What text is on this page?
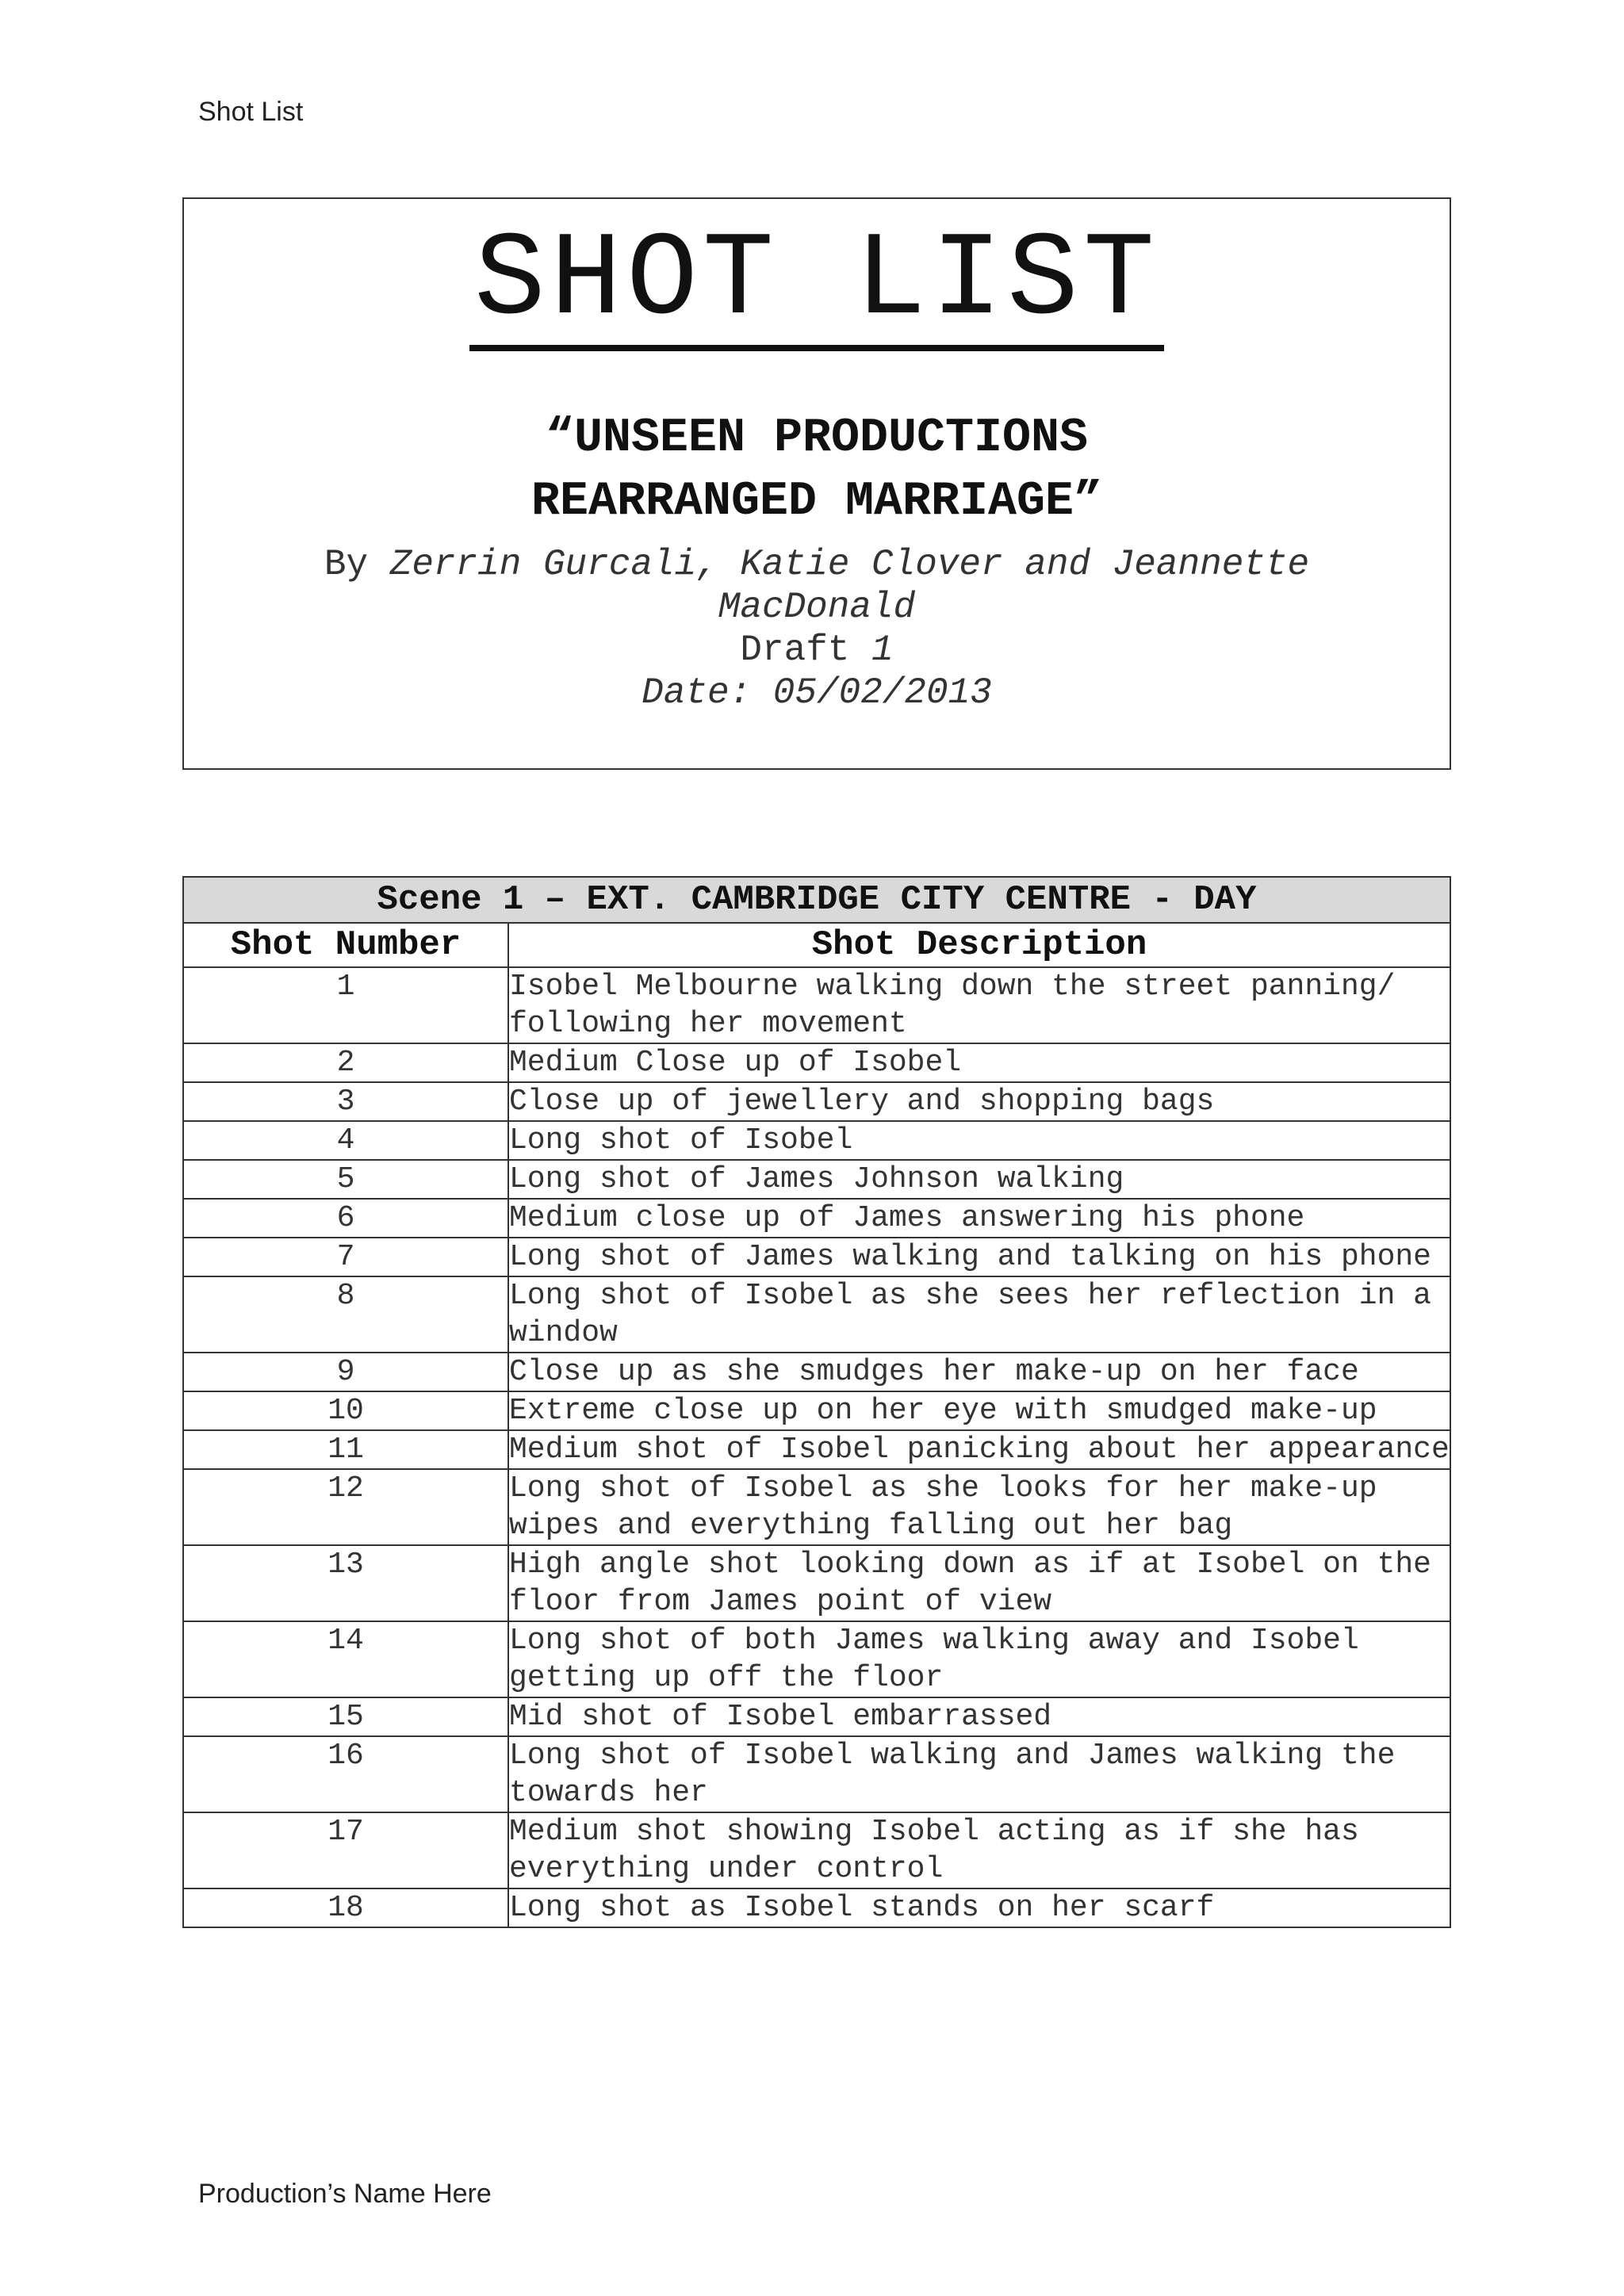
Shot List
SHOT LIST
“UNSEEN PRODUCTIONS
REARRANGED MARRIAGE”
By Zerrin Gurcali, Katie Clover and Jeannette MacDonald
Draft 1
Date: 05/02/2013
Scene 1 – EXT. CAMBRIDGE CITY CENTRE - DAY	
Shot Number	Shot Description
1	Isobel Melbourne walking down the street panning/ following her movement
2	Medium Close up of Isobel
3	Close up of jewellery and shopping bags
4	Long shot of Isobel
5	Long shot of James Johnson walking
6	Medium close up of James answering his phone
7	Long shot of James walking and talking on his phone
8	Long shot of Isobel as she sees her reflection in a window
9	Close up as she smudges her make-up on her face
10	Extreme close up on her eye with smudged make-up
11	Medium shot of Isobel panicking about her appearance
12	Long shot of Isobel as she looks for her make-up wipes and everything falling out her bag
13	High angle shot looking down as if at Isobel on the floor from James point of view
14	Long shot of both James walking away and Isobel getting up off the floor
15	Mid shot of Isobel embarrassed
16	Long shot of Isobel walking and James walking the towards her
17	Medium shot showing Isobel acting as if she has everything under control
18	Long shot as Isobel stands on her scarf
Production’s Name Here
